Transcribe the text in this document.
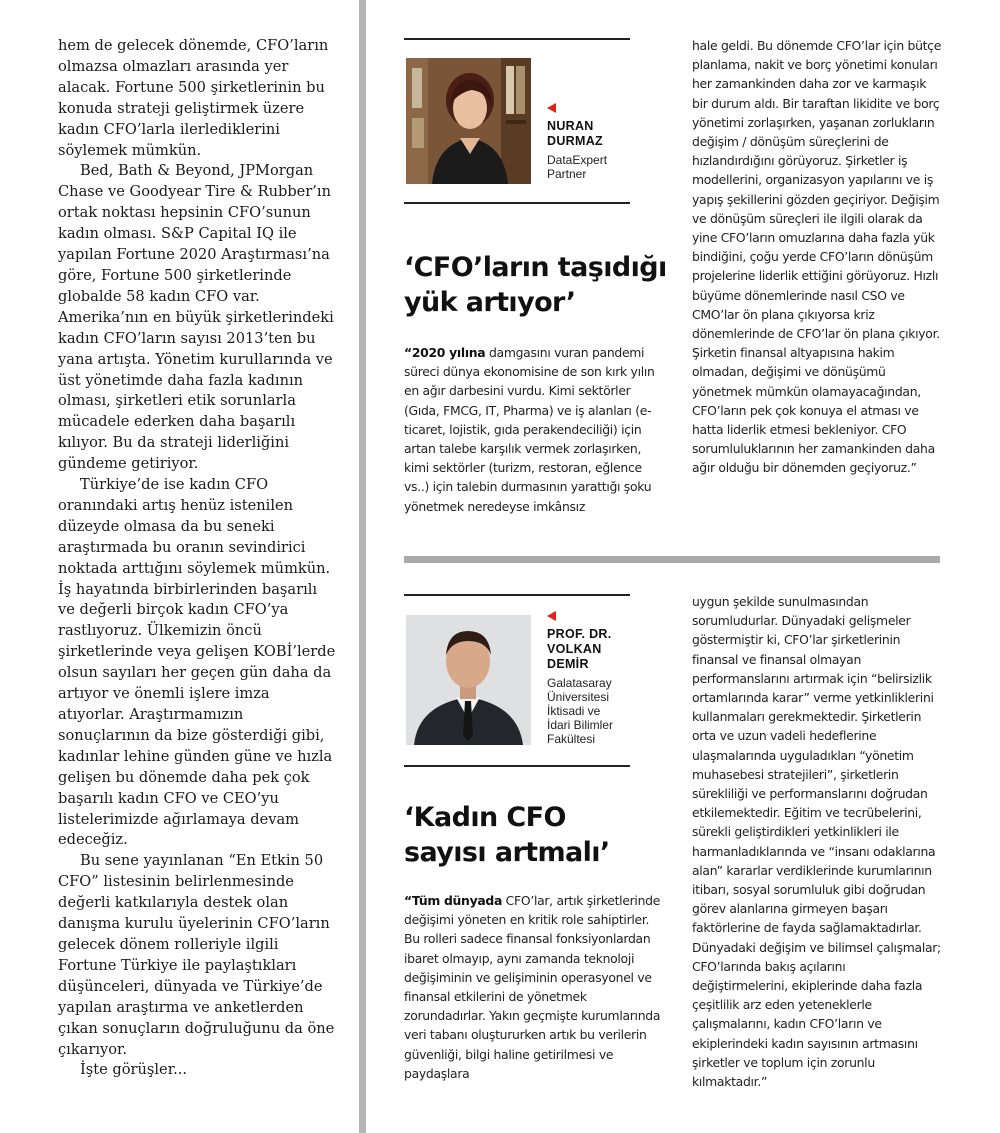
hem de gelecek dönemde, CFO’ların olmazsa olmazları arasında yer alacak. Fortune 500 şirketlerinin bu konuda strateji geliştirmek üzere kadın CFO’larla ilerlediklerini söylemek mümkün.

Bed, Bath & Beyond, JPMorgan Chase ve Goodyear Tire & Rubber’ın ortak noktası hepsinin CFO’sunun kadın olması. S&P Capital IQ ile yapılan Fortune 2020 Araştırması’na göre, Fortune 500 şirketlerinde globalde 58 kadın CFO var. Amerika’nın en büyük şirketlerindeki kadın CFO’ların sayısı 2013’ten bu yana artışta. Yönetim kurullarında ve üst yönetimde daha fazla kadının olması, şirketleri etik sorunlarla mücadele ederken daha başarılı kılıyor. Bu da strateji liderliğini gündeme getiriyor.

Türkiye’de ise kadın CFO oranındaki artış henüz istenilen düzeyde olmasa da bu seneki araştırmada bu oranın sevindirici noktada arttığını söylemek mümkün. İş hayatında birbirlerinden başarılı ve değerli birçok kadın CFO’ya rastlıyoruz. Ülkemizin öncü şirketlerinde veya gelişen KOBİ’lerde olsun sayıları her geçen gün daha da artıyor ve önemli işlere imza atıyorlar. Araştırmamızın sonuçlarının da bize gösterdiği gibi, kadınlar lehine günden güne ve hızla gelişen bu dönemde daha pek çok başarılı kadın CFO ve CEO’yu listelerimizde ağırlamaya devam edeceğiz.

Bu sene yayınlanan “En Etkin 50 CFO” listesinin belirlenmesinde değerli katkılarıyla destek olan danışma kurulu üyelerinin CFO’ların gelecek dönem rolleriyle ilgili Fortune Türkiye ile paylaştıkları düşünceleri, dünyada ve Türkiye’de yapılan araştırma ve anketlerden çıkan sonuçların doğruluğunu da öne çıkarıyor.

İşte görüşler...

NURAN
DURMAZ
DataExpert
Partner
‘CFO’ların taşıdığı
yük artıyor’

“2020 yılına damgasını vuran pandemi süreci dünya ekonomisine de son kırk yılın en ağır darbesini vurdu. Kimi sektörler (Gıda, FMCG, IT, Pharma) ve iş alanları (e-ticaret, lojistik, gıda perakendeciliği) için artan talebe karşılık vermek zorlaşırken, kimi sektörler (turizm, restoran, eğlence vs..) için talebin durmasının yarattığı şoku yönetmek neredeyse imkânsız

hale geldi. Bu dönemde CFO’lar için bütçe planlama, nakit ve borç yönetimi konuları her zamankinden daha zor ve karmaşık bir durum aldı. Bir taraftan likidite ve borç yönetimi zorlaşırken, yaşanan zorlukların değişim / dönüşüm süreçlerini de hızlandırdığını görüyoruz. Şirketler iş modellerini, organizasyon yapılarını ve iş yapış şekillerini gözden geçiriyor. Değişim ve dönüşüm süreçleri ile ilgili olarak da yine CFO’ların omuzlarına daha fazla yük bindiğini, çoğu yerde CFO’ların dönüşüm projelerine liderlik ettiğini görüyoruz. Hızlı büyüme dönemlerinde nasıl CSO ve CMO’lar ön plana çıkıyorsa kriz dönemlerinde de CFO’lar ön plana çıkıyor. Şirketin finansal altyapısına hakim olmadan, değişimi ve dönüşümü yönetmek mümkün olamayacağından, CFO’ların pek çok konuya el atması ve hatta liderlik etmesi bekleniyor. CFO sorumluluklarının her zamankinden daha ağır olduğu bir dönemden geçiyoruz.”

PROF. DR.
VOLKAN
DEMİR
Galatasaray
Üniversitesi
İktisadi ve
İdari Bilimler
Fakültesi
‘Kadın CFO
sayısı artmalı’

“Tüm dünyada CFO’lar, artık şirketlerinde değişimi yöneten en kritik role sahiptirler. Bu rolleri sadece finansal fonksiyonlardan ibaret olmayıp, aynı zamanda teknoloji değişiminin ve gelişiminin operasyonel ve finansal etkilerini de yönetmek zorundadırlar. Yakın geçmişte kurumlarında veri tabanı oluştururken artık bu verilerin güvenliği, bilgi haline getirilmesi ve paydaşlara

uygun şekilde sunulmasından sorumludurlar. Dünyadaki gelişmeler göstermiştir ki, CFO’lar şirketlerinin finansal ve finansal olmayan performanslarını artırmak için “belirsizlik ortamlarında karar” verme yetkinliklerini kullanmaları gerekmektedir. Şirketlerin orta ve uzun vadeli hedeflerine ulaşmalarında uyguladıkları “yönetim muhasebesi stratejileri”, şirketlerin sürekliliği ve performanslarını doğrudan etkilemektedir. Eğitim ve tecrübelerini, sürekli geliştirdikleri yetkinlikleri ile harmanladıklarında ve “insanı odaklarına alan” kararlar verdiklerinde kurumlarının itibarı, sosyal sorumluluk gibi doğrudan görev alanlarına girmeyen başarı faktörlerine de fayda sağlamaktadırlar. Dünyadaki değişim ve bilimsel çalışmalar; CFO’larında bakış açılarını değiştirmelerini, ekiplerinde daha fazla çeşitlilik arz eden yeteneklerle çalışmalarını, kadın CFO’ların ve ekiplerindeki kadın sayısının artmasını şirketler ve toplum için zorunlu kılmaktadır.”
